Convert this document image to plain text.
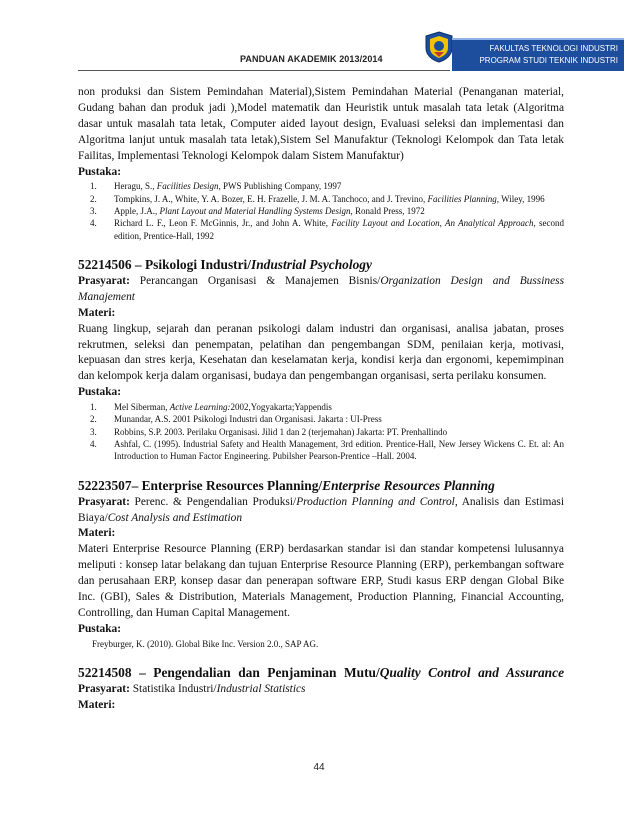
PANDUAN AKADEMIK 2013/2014
FAKULTAS TEKNOLOGI INDUSTRI
PROGRAM STUDI TEKNIK INDUSTRI

non produksi dan Sistem Pemindahan Material),Sistem Pemindahan Material (Penanganan material, Gudang bahan dan produk jadi ),Model matematik dan Heuristik untuk masalah tata letak (Algoritma dasar untuk masalah tata letak, Computer aided layout design, Evaluasi seleksi dan implementasi dan Algoritma lanjut untuk masalah tata letak),Sistem Sel Manufaktur (Teknologi Kelompok dan Tata letak Failitas, Implementasi Teknologi Kelompok dalam Sistem Manufaktur)

Pustaka:
1. Heragu, S., Facilities Design, PWS Publishing Company, 1997
2. Tompkins, J. A., White, Y. A. Bozer, E. H. Frazelle, J. M. A. Tanchoco, and J. Trevino, Facilities Planning, Wiley, 1996
3. Apple, J.A., Plant Layout and Material Handling Systems Design, Ronald Press, 1972
4. Richard L. F., Leon F. McGinnis, Jr., and John A. White, Facility Layout and Location, An Analytical Approach, second edition, Prentice-Hall, 1992
52214506 – Psikologi Industri/Industrial Psychology

Prasyarat: Perancangan Organisasi & Manajemen Bisnis/Organization Design and Bussiness Manajement

Materi:

Ruang lingkup, sejarah dan peranan psikologi dalam industri dan organisasi, analisa jabatan, proses rekrutmen, seleksi dan penempatan, pelatihan dan pengembangan SDM, penilaian kerja, motivasi, kepuasan dan stres kerja, Kesehatan dan keselamatan kerja, kondisi kerja dan ergonomi, kepemimpinan dan kelompok kerja dalam organisasi, budaya dan pengembangan organisasi, serta perilaku konsumen.

Pustaka:
1. Mel Siberman, Active Learning:2002,Yogyakarta;Yappendis
2. Munandar, A.S. 2001 Psikologi Industri dan Organisasi. Jakarta : UI-Press
3. Robbins, S.P. 2003. Perilaku Organisasi. Jilid 1 dan 2 (terjemahan) Jakarta: PT. Prenhallindo
4. Ashfal, C. (1995). Industrial Safety and Health Management, 3rd edition. Prentice-Hall, New Jersey Wickens C. Et. al: An Introduction to Human Factor Engineering. Pubilsher Pearson-Prentice –Hall. 2004.
52223507– Enterprise Resources Planning/Enterprise Resources Planning

Prasyarat: Perenc. & Pengendalian Produksi/Production Planning and Control, Analisis dan Estimasi Biaya/Cost Analysis and Estimation

Materi:

Materi Enterprise Resource Planning (ERP) berdasarkan standar isi dan standar kompetensi lulusannya meliputi : konsep latar belakang dan tujuan Enterprise Resource Planning (ERP), perkembangan software dan perusahaan ERP, konsep dasar dan penerapan software ERP, Studi kasus ERP dengan Global Bike Inc. (GBI), Sales & Distribution, Materials Management, Production Planning, Financial Accounting, Controlling, dan Human Capital Management.

Pustaka:
Freyburger, K. (2010). Global Bike Inc. Version 2.0., SAP AG.
52214508 – Pengendalian dan Penjaminan Mutu/Quality Control and Assurance

Prasyarat: Statistika Industri/Industrial Statistics

Materi:
44
